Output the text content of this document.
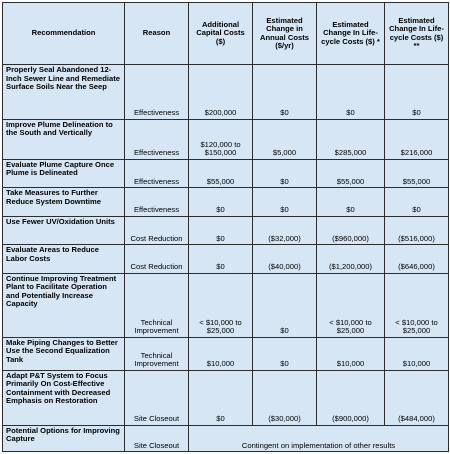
Recommendation	Reason	Additional Capital Costs ($)	Estimated Change in Annual Costs ($/yr)	Estimated Change In Life-cycle Costs ($) *	Estimated Change In Life-cycle Costs ($) **
Properly Seal Abandoned 12-Inch Sewer Line and Remediate Surface Soils Near the Seep	Effectiveness	$200,000	$0	$0	$0
Improve Plume Delineation to the South and Vertically	Effectiveness	$120,000 to $150,000	$5,000	$285,000	$216,000
Evaluate Plume Capture Once Plume is Delineated	Effectiveness	$55,000	$0	$55,000	$55,000
Take Measures to Further Reduce System Downtime	Effectiveness	$0	$0	$0	$0
Use Fewer UV/Oxidation Units	Cost Reduction	$0	($32,000)	($960,000)	($516,000)
Evaluate Areas to Reduce Labor Costs	Cost Reduction	$0	($40,000)	($1,200,000)	($646,000)
Continue Improving Treatment Plant to Facilitate Operation and Potentially Increase Capacity	Technical Improvement	< $10,000 to $25,000	$0	< $10,000 to $25,000	< $10,000 to $25,000
Make Piping Changes to Better Use the Second Equalization Tank	Technical Improvement	$10,000	$0	$10,000	$10,000
Adapt P&T System to Focus Primarily On Cost-Effective Containment with Decreased Emphasis on Restoration	Site Closeout	$0	($30,000)	($900,000)	($484,000)
Potential Options for Improving Capture	Site Closeout	Contingent on implementation of other results			
